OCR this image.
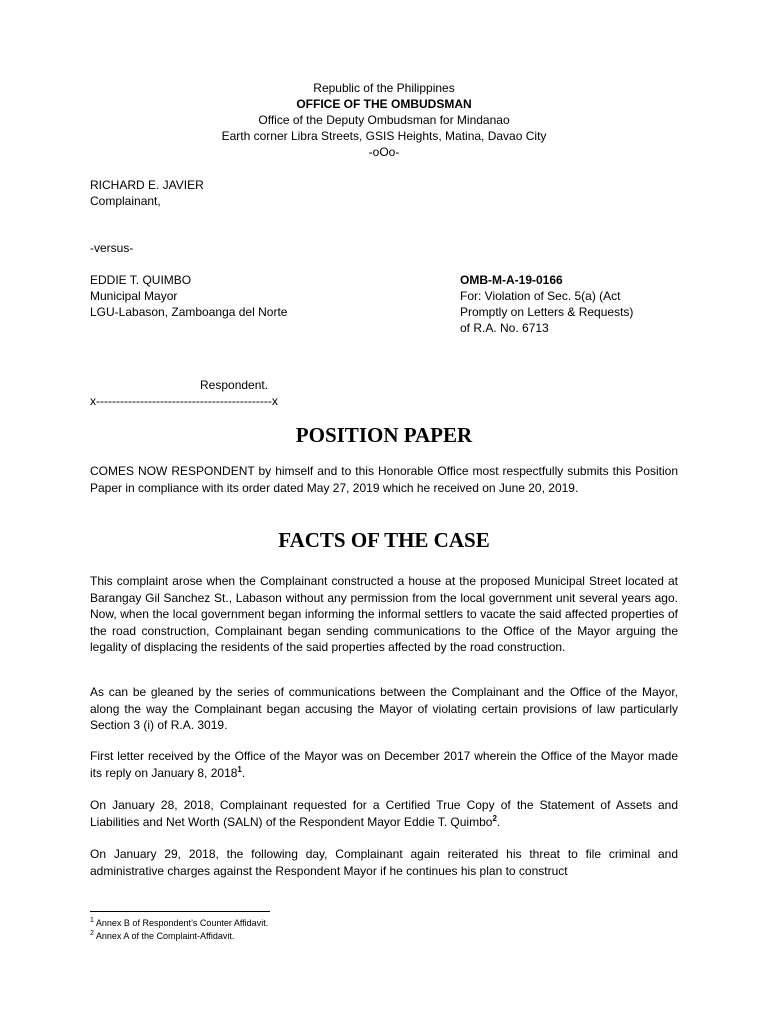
Republic of the Philippines
OFFICE OF THE OMBUDSMAN
Office of the Deputy Ombudsman for Mindanao
Earth corner Libra Streets, GSIS Heights, Matina, Davao City
-oOo-
RICHARD E. JAVIER
Complainant,
-versus-
EDDIE T. QUIMBO
Municipal Mayor
LGU-Labason, Zamboanga del Norte
OMB-M-A-19-0166
For: Violation of Sec. 5(a) (Act
Promptly on Letters & Requests)
of R.A. No. 6713
Respondent.
x--------------------------------------------x
POSITION PAPER
COMES NOW RESPONDENT by himself and to this Honorable Office most respectfully submits this Position Paper in compliance with its order dated May 27, 2019 which he received on June 20, 2019.
FACTS OF THE CASE
This complaint arose when the Complainant constructed a house at the proposed Municipal Street located at Barangay Gil Sanchez St., Labason without any permission from the local government unit several years ago. Now, when the local government began informing the informal settlers to vacate the said affected properties of the road construction, Complainant began sending communications to the Office of the Mayor arguing the legality of displacing the residents of the said properties affected by the road construction.
As can be gleaned by the series of communications between the Complainant and the Office of the Mayor, along the way the Complainant began accusing the Mayor of violating certain provisions of law particularly Section 3 (i) of R.A. 3019.
First letter received by the Office of the Mayor was on December 2017 wherein the Office of the Mayor made its reply on January 8, 2018$^1$.
On January 28, 2018, Complainant requested for a Certified True Copy of the Statement of Assets and Liabilities and Net Worth (SALN) of the Respondent Mayor Eddie T. Quimbo$^2$.
On January 29, 2018, the following day, Complainant again reiterated his threat to file criminal and administrative charges against the Respondent Mayor if he continues his plan to construct
$^1$ Annex B of Respondent’s Counter Affidavit.
$^2$ Annex A of the Complaint-Affidavit.
